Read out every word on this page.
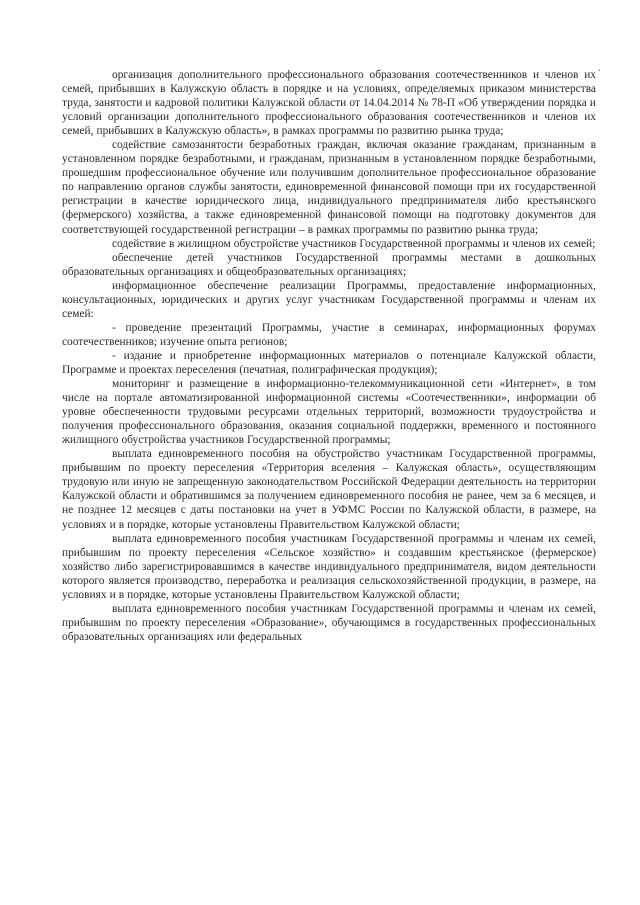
.

организация дополнительного профессионального образования соотечественников и членов их семей, прибывших в Калужскую область в порядке и на условиях, определяемых приказом министерства труда, занятости и кадровой политики Калужской области от 14.04.2014 № 78-П «Об утверждении порядка и условий организации дополнительного профессионального образования соотечественников и членов их семей, прибывших в Калужскую область», в рамках программы по развитию рынка труда;

содействие самозанятости безработных граждан, включая оказание гражданам, признанным в установленном порядке безработными, и гражданам, признанным в установленном порядке безработными, прошедшим профессиональное обучение или получившим дополнительное профессиональное образование по направлению органов службы занятости, единовременной финансовой помощи при их государственной регистрации в качестве юридического лица, индивидуального предпринимателя либо крестьянского (фермерского) хозяйства, а также единовременной финансовой помощи на подготовку документов для соответствующей государственной регистрации – в рамках программы по развитию рынка труда;

содействие в жилищном обустройстве участников Государственной программы и членов их семей;

обеспечение детей участников Государственной программы местами в дошкольных образовательных организациях и общеобразовательных организациях;

информационное обеспечение реализации Программы, предоставление информационных, консультационных, юридических и других услуг участникам Государственной программы и членам их семей:

- проведение презентаций Программы, участие в семинарах, информационных форумах соотечественников; изучение опыта регионов;

- издание и приобретение информационных материалов о потенциале Калужской области, Программе и проектах переселения (печатная, полиграфическая продукция);

мониторинг и размещение в информационно-телекоммуникационной сети «Интернет», в том числе на портале автоматизированной информационной системы «Соотечественники», информации об уровне обеспеченности трудовыми ресурсами отдельных территорий, возможности трудоустройства и получения профессионального образования, оказания социальной поддержки, временного и постоянного жилищного обустройства участников Государственной программы;

выплата единовременного пособия на обустройство участникам Государственной программы, прибывшим по проекту переселения «Территория вселения – Калужская область», осуществляющим трудовую или иную не запрещенную законодательством Российской Федерации деятельность на территории Калужской области и обратившимся за получением единовременного пособия не ранее, чем за 6 месяцев, и не позднее 12 месяцев с даты постановки на учет в УФМС России по Калужской области, в размере, на условиях и в порядке, которые установлены Правительством Калужской области;

выплата единовременного пособия участникам Государственной программы и членам их семей, прибывшим по проекту переселения «Сельское хозяйство» и создавшим крестьянское (фермерское) хозяйство либо зарегистрировавшимся в качестве индивидуального предпринимателя, видом деятельности которого является производство, переработка и реализация сельскохозяйственной продукции, в размере, на условиях и в порядке, которые установлены Правительством Калужской области;

выплата единовременного пособия участникам Государственной программы и членам их семей, прибывшим по проекту переселения «Образование», обучающимся в государственных профессиональных образовательных организациях или федеральных
